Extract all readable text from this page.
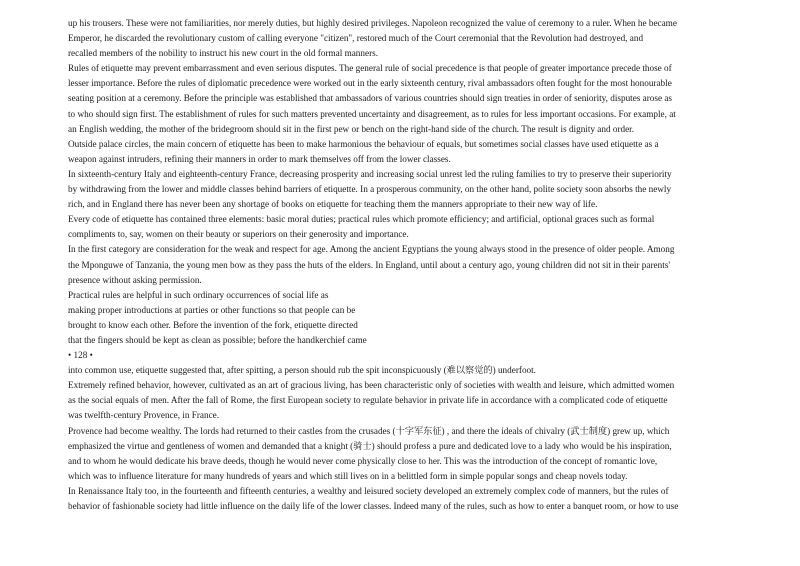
up his trousers. These were not familiarities, nor merely duties, but highly desired privileges. Napoleon recognized the value of ceremony to a ruler. When he became
Emperor, he discarded the revolutionary custom of calling everyone "citizen", restored much of the Court ceremonial that the Revolution had destroyed, and
recalled members of the nobility to instruct his new court in the old formal manners.
Rules of etiquette may prevent embarrassment and even serious disputes. The general rule of social precedence is that people of greater importance precede those of
lesser importance. Before the rules of diplomatic precedence were worked out in the early sixteenth century, rival ambassadors often fought for the most honourable
seating position at a ceremony. Before the principle was established that ambassadors of various countries should sign treaties in order of seniority, disputes arose as
to who should sign first. The establishment of rules for such matters prevented uncertainty and disagreement, as to rules for less important occasions. For example, at
an English wedding, the mother of the bridegroom should sit in the first pew or bench on the right-hand side of the church. The result is dignity and order.
Outside palace circles, the main concern of etiquette has been to make harmonious the behaviour of equals, but sometimes social classes have used etiquette as a
weapon against intruders, refining their manners in order to mark themselves off from the lower classes.
In sixteenth-century Italy and eighteenth-century France, decreasing prosperity and increasing social unrest led the ruling families to try to preserve their superiority
by withdrawing from the lower and middle classes behind barriers of etiquette. In a prosperous community, on the other hand, polite society soon absorbs the newly
rich, and in England there has never been any shortage of books on etiquette for teaching them the manners appropriate to their new way of life.
Every code of etiquette has contained three elements: basic moral duties; practical rules which promote efficiency; and artificial, optional graces such as formal
compliments to, say, women on their beauty or superiors on their generosity and importance.
In the first category are consideration for the weak and respect for age. Among the ancient Egyptians the young always stood in the presence of older people. Among
the Mponguwe of Tanzania, the young men bow as they pass the huts of the elders. In England, until about a century ago, young children did not sit in their parents'
presence without asking permission.
Practical rules are helpful in such ordinary occurrences of social life as
making proper introductions at parties or other functions so that people can be
brought to know each other. Before the invention of the fork, etiquette directed
that the fingers should be kept as clean as possible; before the handkerchief came
• 128 •
into common use, etiquette suggested that, after spitting, a person should rub the spit inconspicuously (难以察觉的) underfoot.
Extremely refined behavior, however, cultivated as an art of gracious living, has been characteristic only of societies with wealth and leisure, which admitted women
as the social equals of men. After the fall of Rome, the first European society to regulate behavior in private life in accordance with a complicated code of etiquette
was twelfth-century Provence, in France.
Provence had become wealthy. The lords had returned to their castles from the crusades (十字军东征) , and there the ideals of chivalry (武士制度) grew up, which
emphasized the virtue and gentleness of women and demanded that a knight (骑士) should profess a pure and dedicated love to a lady who would be his inspiration,
and to whom he would dedicate his brave deeds, though he would never come physically close to her. This was the introduction of the concept of romantic love,
which was to influence literature for many hundreds of years and which still lives on in a belittled form in simple popular songs and cheap novels today.
In Renaissance Italy too, in the fourteenth and fifteenth centuries, a wealthy and leisured society developed an extremely complex code of manners, but the rules of
behavior of fashionable society had little influence on the daily life of the lower classes. Indeed many of the rules, such as how to enter a banquet room, or how to use
